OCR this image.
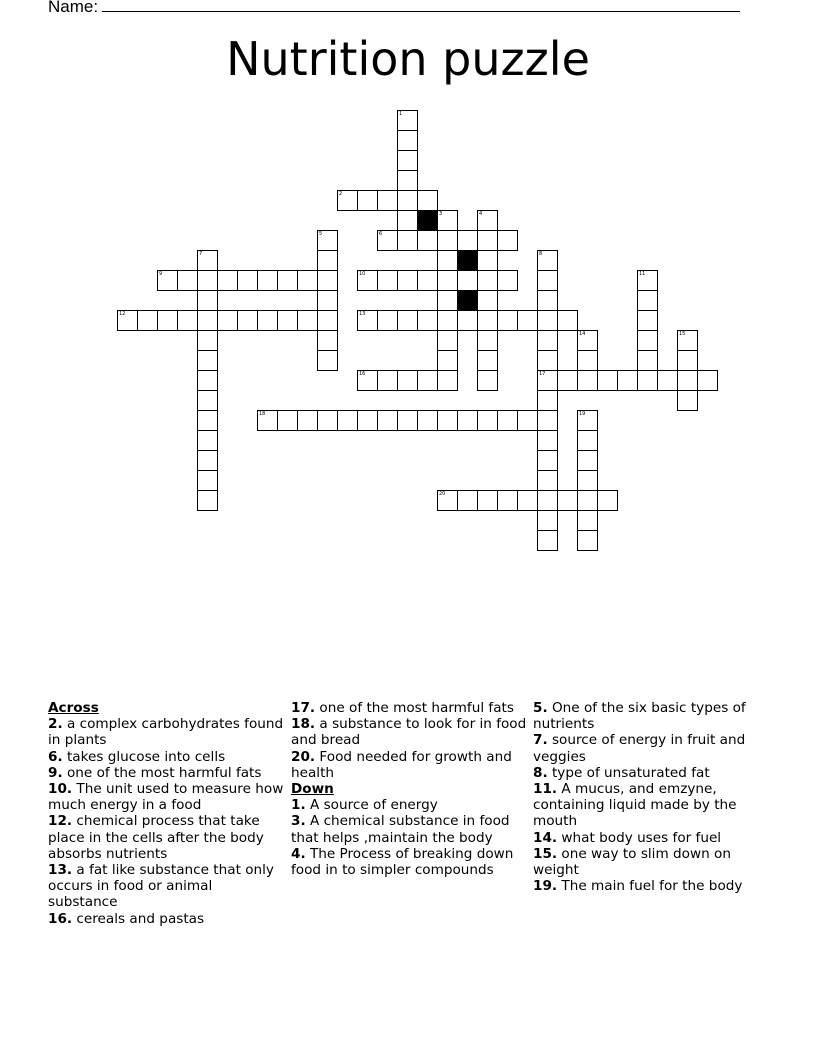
Name:
Nutrition puzzle
2
6
9	10
12	13
16	17
18
20
1
3	4
5
7	8
11
14	15
19
Across
2. a complex carbohydrates found in plants
6. takes glucose into cells
9. one of the most harmful fats
10. The unit used to measure how much energy in a food
12. chemical process that take place in the cells after the body absorbs nutrients
13. a fat like substance that only occurs in food or animal substance
16. cereals and pastas
17. one of the most harmful fats
18. a substance to look for in food and bread
20. Food needed for growth and health
Down
1. A source of energy
3. A chemical substance in food that helps ,maintain the body
4. The Process of breaking down food in to simpler compounds
5. One of the six basic types of nutrients
7. source of energy in fruit and veggies
8. type of unsaturated fat
11. A mucus, and emzyne, containing liquid made by the mouth
14. what body uses for fuel
15. one way to slim down on weight
19. The main fuel for the body
